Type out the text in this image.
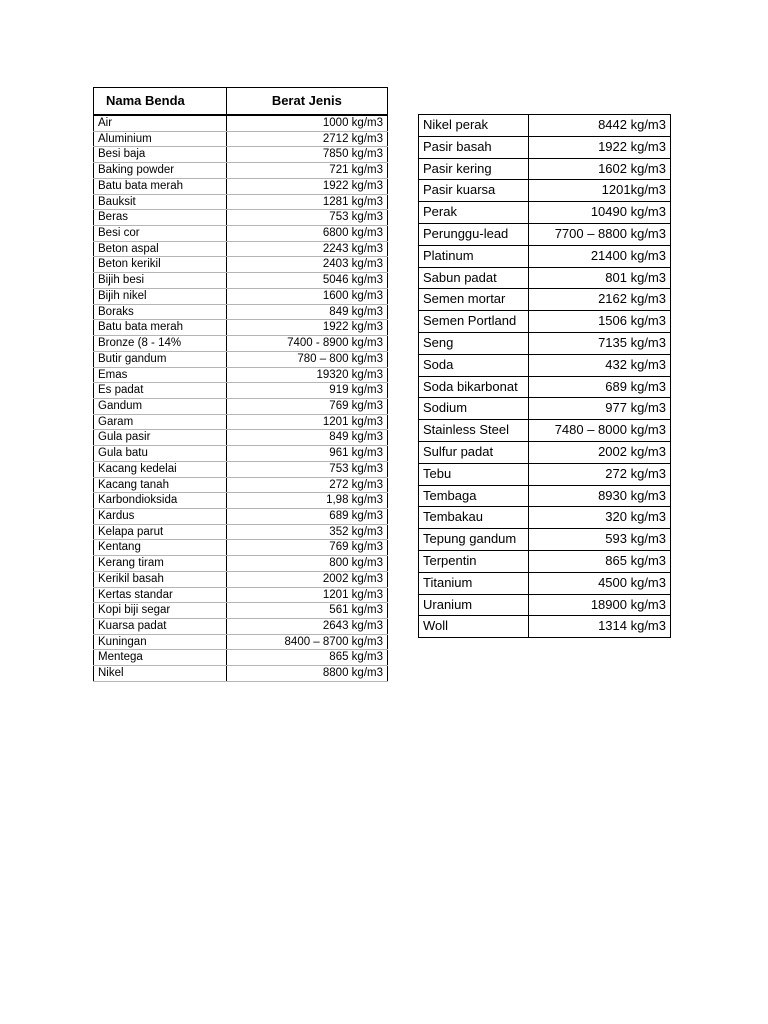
Nama Benda	Berat Jenis
Air	1000 kg/m3
Aluminium	2712 kg/m3
Besi baja	7850 kg/m3
Baking powder	721 kg/m3
Batu bata merah	1922 kg/m3
Bauksit	1281 kg/m3
Beras	753 kg/m3
Besi cor	6800 kg/m3
Beton aspal	2243 kg/m3
Beton kerikil	2403 kg/m3
Bijih besi	5046 kg/m3
Bijih nikel	1600 kg/m3
Boraks	849 kg/m3
Batu bata merah	1922 kg/m3
Bronze (8 - 14%	7400 - 8900 kg/m3
Butir gandum	780 – 800 kg/m3
Emas	19320 kg/m3
Es padat	919 kg/m3
Gandum	769 kg/m3
Garam	1201 kg/m3
Gula pasir	849 kg/m3
Gula batu	961 kg/m3
Kacang kedelai	753 kg/m3
Kacang tanah	272 kg/m3
Karbondioksida	1,98 kg/m3
Kardus	689 kg/m3
Kelapa parut	352 kg/m3
Kentang	769 kg/m3
Kerang tiram	800 kg/m3
Kerikil basah	2002 kg/m3
Kertas standar	1201 kg/m3
Kopi biji segar	561 kg/m3
Kuarsa padat	2643 kg/m3
Kuningan	8400 – 8700 kg/m3
Mentega	865 kg/m3
Nikel	8800 kg/m3
Nikel perak	8442 kg/m3
Pasir basah	1922 kg/m3
Pasir kering	1602 kg/m3
Pasir kuarsa	1201kg/m3
Perak	10490 kg/m3
Perunggu-lead	7700 – 8800 kg/m3
Platinum	21400 kg/m3
Sabun padat	801 kg/m3
Semen mortar	2162 kg/m3
Semen Portland	1506 kg/m3
Seng	7135 kg/m3
Soda	432 kg/m3
Soda bikarbonat	689 kg/m3
Sodium	977 kg/m3
Stainless Steel	7480 – 8000 kg/m3
Sulfur padat	2002 kg/m3
Tebu	272 kg/m3
Tembaga	8930 kg/m3
Tembakau	320 kg/m3
Tepung gandum	593 kg/m3
Terpentin	865 kg/m3
Titanium	4500 kg/m3
Uranium	18900 kg/m3
Woll	1314 kg/m3
